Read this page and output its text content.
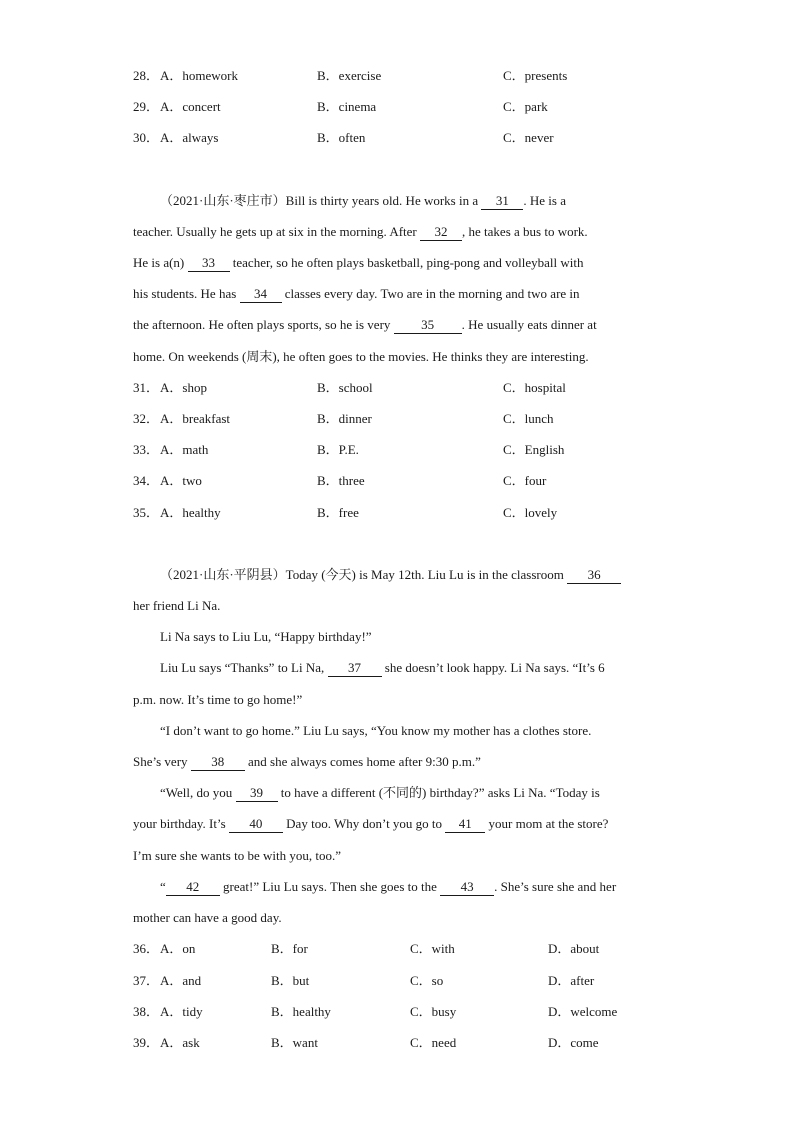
28． A．homework	B．exercise	C．presents
29． A．concert	B．cinema	C．park
30． A．always	B．often	C．never
（2021·山东·枣庄市）Bill is thirty years old. He works in a 31 . He is a
teacher. Usually he gets up at six in the morning. After 32 , he takes a bus to work.
He is a(n) 33 teacher, so he often plays basketball, ping-pong and volleyball with
his students. He has 34 classes every day. Two are in the morning and two are in
the afternoon. He often plays sports, so he is very 35 . He usually eats dinner at
home. On weekends (周末), he often goes to the movies. He thinks they are interesting.
31． A．shop	B．school	C．hospital
32． A．breakfast	B．dinner	C．lunch
33． A．math	B．P.E.	C．English
34． A．two	B．three	C．four
35． A．healthy	B．free	C．lovely
（2021·山东·平阴县）Today (今天) is May 12th. Liu Lu is in the classroom 36
her friend Li Na.
Li Na says to Liu Lu, “Happy birthday!”
Liu Lu says “Thanks” to Li Na, 37 she doesn’t look happy. Li Na says. “It’s 6
p.m. now. It’s time to go home!”
“I don’t want to go home.” Liu Lu says, “You know my mother has a clothes store.
She’s very 38 and she always comes home after 9:30 p.m.”
“Well, do you 39 to have a different (不同的) birthday?” asks Li Na. “Today is
your birthday. It’s 40 Day too. Why don’t you go to 41 your mom at the store?
I’m sure she wants to be with you, too.”
“ 42 great!” Liu Lu says. Then she goes to the 43 . She’s sure she and her
mother can have a good day.
36． A．on	B．for	C．with	D．about
37． A．and	B．but	C．so	D．after
38． A．tidy	B．healthy	C．busy	D．welcome
39． A．ask	B．want	C．need	D．come
